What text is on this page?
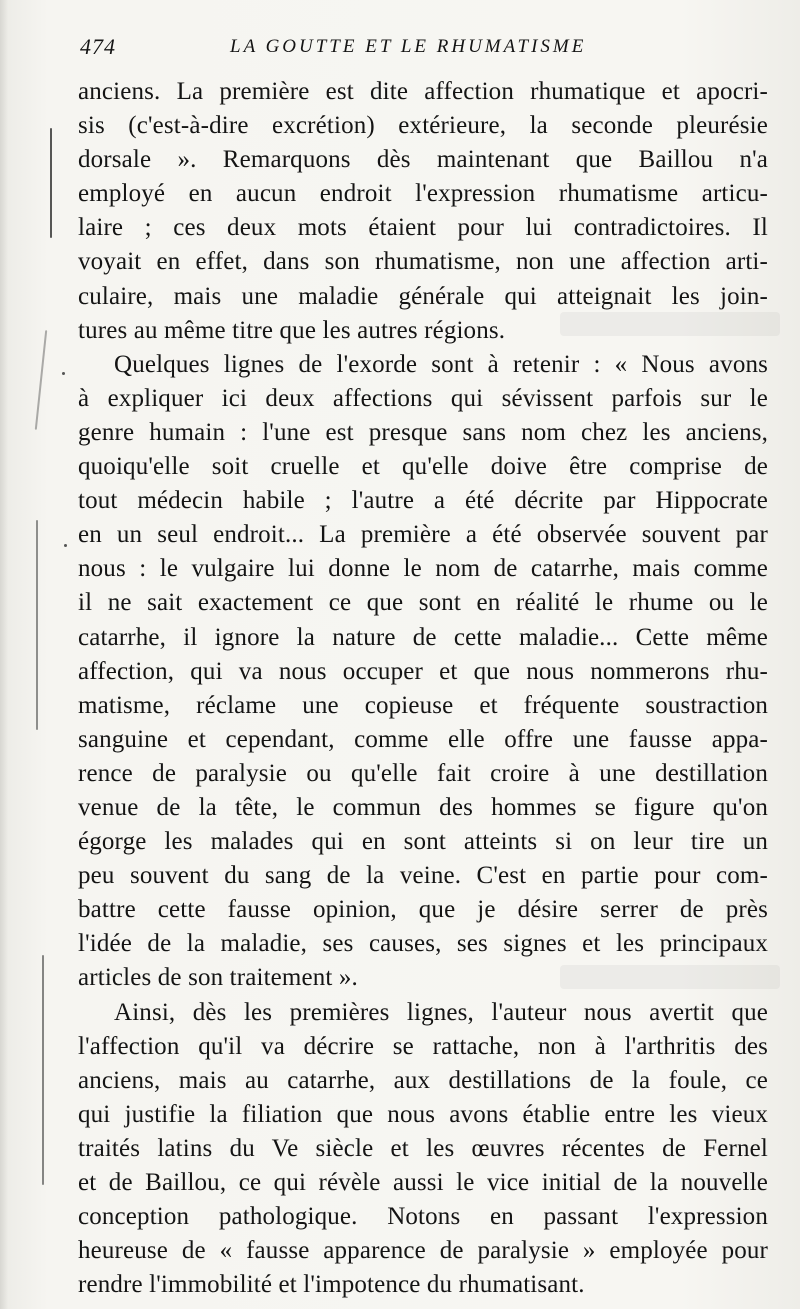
474	LA GOUTTE ET LE RHUMATISME
anciens. La première est dite affection rhumatique et apocri-
sis (c'est-à-dire excrétion) extérieure, la seconde pleurésie
dorsale ». Remarquons dès maintenant que Baillou n'a
employé en aucun endroit l'expression rhumatisme articu-
laire ; ces deux mots étaient pour lui contradictoires. Il
voyait en effet, dans son rhumatisme, non une affection arti-
culaire, mais une maladie générale qui atteignait les join-
tures au même titre que les autres régions.
Quelques lignes de l'exorde sont à retenir : « Nous avons
à expliquer ici deux affections qui sévissent parfois sur le
genre humain : l'une est presque sans nom chez les anciens,
quoiqu'elle soit cruelle et qu'elle doive être comprise de
tout médecin habile ; l'autre a été décrite par Hippocrate
en un seul endroit... La première a été observée souvent par
nous : le vulgaire lui donne le nom de catarrhe, mais comme
il ne sait exactement ce que sont en réalité le rhume ou le
catarrhe, il ignore la nature de cette maladie... Cette même
affection, qui va nous occuper et que nous nommerons rhu-
matisme, réclame une copieuse et fréquente soustraction
sanguine et cependant, comme elle offre une fausse appa-
rence de paralysie ou qu'elle fait croire à une destillation
venue de la tête, le commun des hommes se figure qu'on
égorge les malades qui en sont atteints si on leur tire un
peu souvent du sang de la veine. C'est en partie pour com-
battre cette fausse opinion, que je désire serrer de près
l'idée de la maladie, ses causes, ses signes et les principaux
articles de son traitement ».
Ainsi, dès les premières lignes, l'auteur nous avertit que
l'affection qu'il va décrire se rattache, non à l'arthritis des
anciens, mais au catarrhe, aux destillations de la foule, ce
qui justifie la filiation que nous avons établie entre les vieux
traités latins du Ve siècle et les œuvres récentes de Fernel
et de Baillou, ce qui révèle aussi le vice initial de la nouvelle
conception pathologique. Notons en passant l'expression
heureuse de « fausse apparence de paralysie » employée pour
rendre l'immobilité et l'impotence du rhumatisant.
